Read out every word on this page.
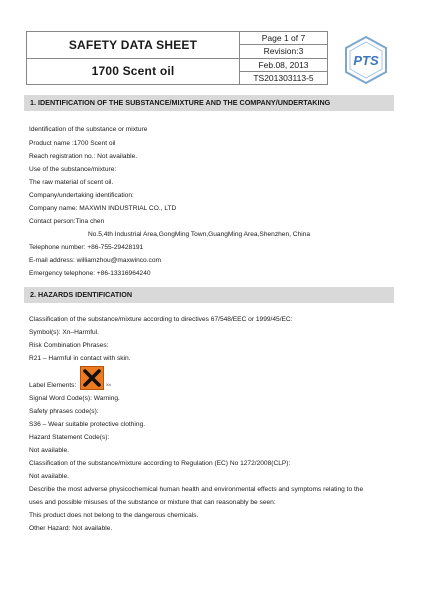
SAFETY DATA SHEET	Page 1 of 7
	Revision:3
1700 Scent oil	Feb.08, 2013
	TS201303113-5
PTS
1. IDENTIFICATION OF THE SUBSTANCE/MIXTURE AND THE COMPANY/UNDERTAKING
Identification of the substance or mixture
Product name :1700 Scent oil
Reach registration no.: Not available.
Use of the substance/mixture:
The raw material of scent oil.
Company/undertaking identification:
Company name: MAXWIN INDUSTRIAL CO., LTD
Contact person:Tina chen
No.5,4th Industrial Area,GongMing Town,GuangMing Area,Shenzhen, China
Telephone number: +86-755-29428191
E-mail address: williamzhou@maxwinco.com
Emergency telephone: +86-13316964240
2. HAZARDS IDENTIFICATION
Classification of the substance/mixture according to directives 67/548/EEC or 1999/45/EC:
Symbol(s): Xn–Harmful.
Risk Combination Phrases:
R21 – Harmful in contact with skin.
Label Elements:
Signal Word Code(s): Warning.
Safety phrases code(s):
S36 – Wear suitable protective clothing.
Hazard Statement Code(s):
Not available.
Classification of the substance/mixture according to Regulation (EC) No 1272/2008(CLP):
Not available.
Describe the most adverse physicochemical human health and environmental effects and symptoms relating to the
uses and possible misuses of the substance or mixture that can reasonably be seen:
This product does not belong to the dangerous chemicals.
Other Hazard: Not available.
Xn
